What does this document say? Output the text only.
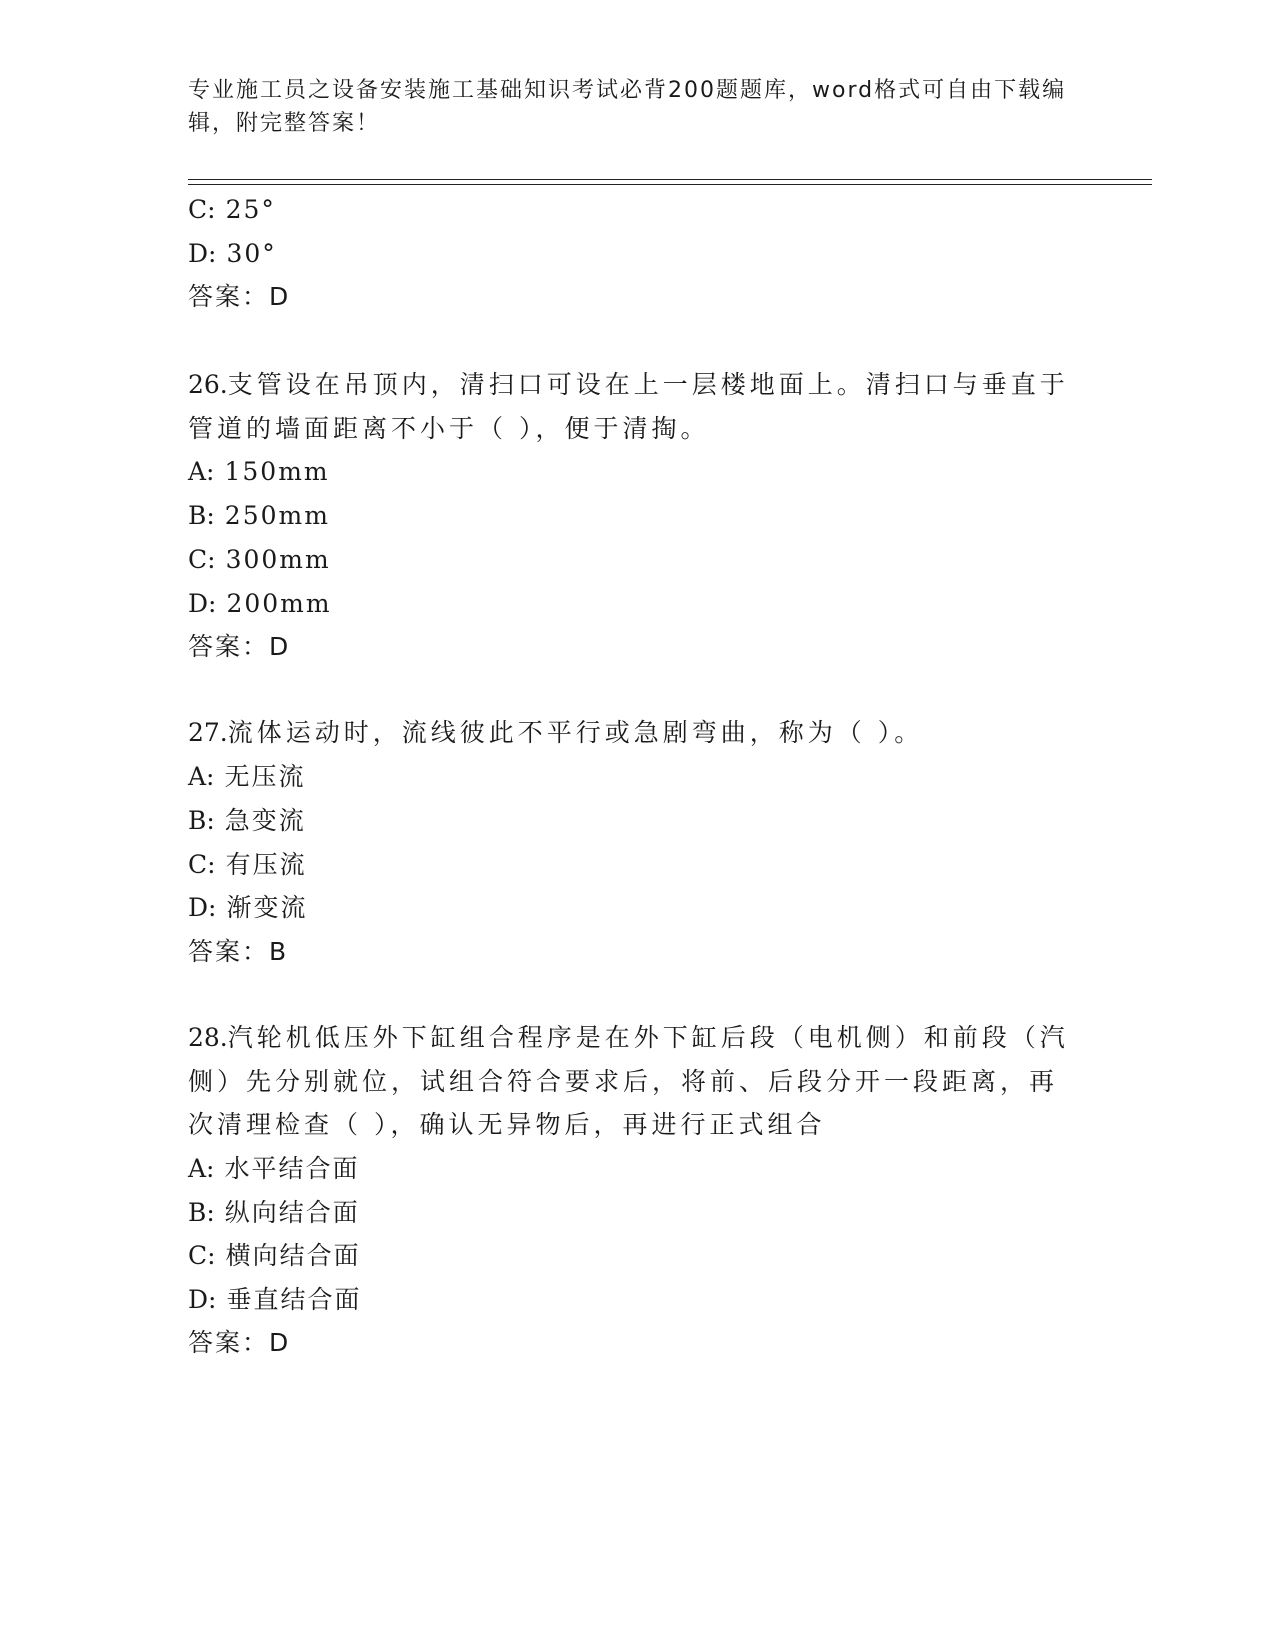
专业施工员之设备安装施工基础知识考试必背200题题库，word格式可自由下载编辑，附完整答案！
C: 25°
D: 30°
答案：D
26.支管设在吊顶内，清扫口可设在上一层楼地面上。清扫口与垂直于
管道的墙面距离不小于（ ），便于清掏。
A: 150mm
B: 250mm
C: 300mm
D: 200mm
答案：D
27.流体运动时，流线彼此不平行或急剧弯曲，称为（ ）。
A: 无压流
B: 急变流
C: 有压流
D: 渐变流
答案：B
28.汽轮机低压外下缸组合程序是在外下缸后段（电机侧）和前段（汽
侧）先分别就位，试组合符合要求后，将前、后段分开一段距离，再
次清理检查（ ），确认无异物后，再进行正式组合
A: 水平结合面
B: 纵向结合面
C: 横向结合面
D: 垂直结合面
答案：D
